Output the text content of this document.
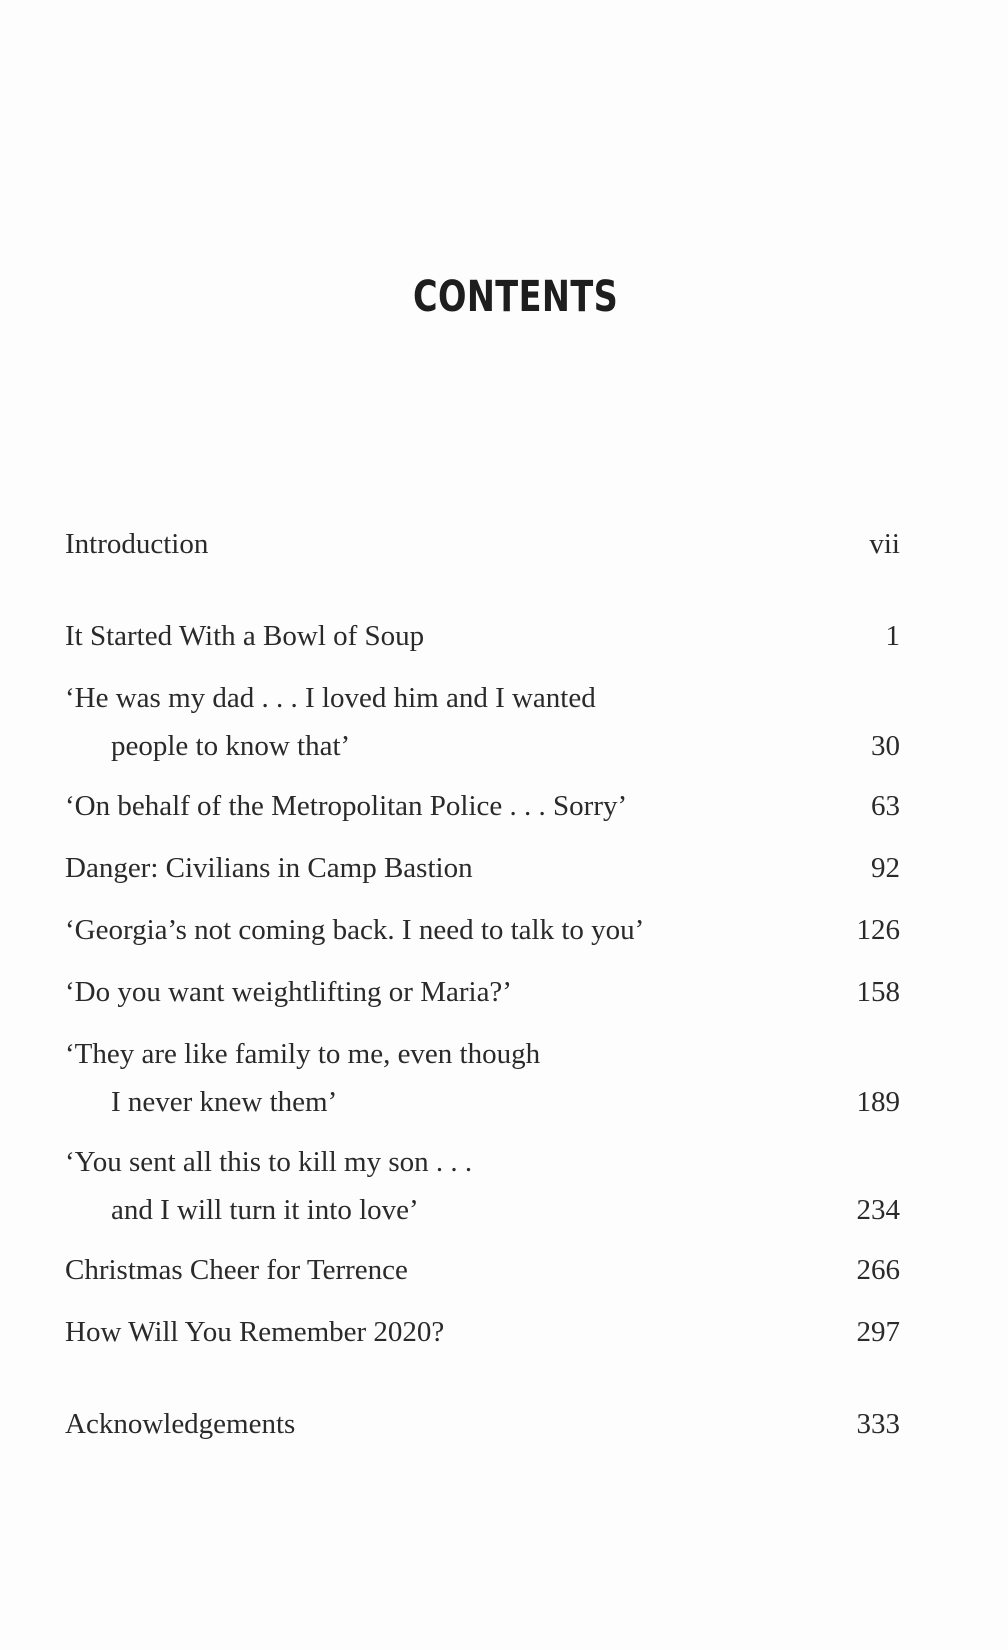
CONTENTS
Introduction	vii
It Started With a Bowl of Soup	1
‘He was my dad . . . I loved him and I wanted
people to know that’	30
‘On behalf of the Metropolitan Police . . . Sorry’	63
Danger: Civilians in Camp Bastion	92
‘Georgia’s not coming back. I need to talk to you’	126
‘Do you want weightlifting or Maria?’	158
‘They are like family to me, even though
I never knew them’	189
‘You sent all this to kill my son . . .
and I will turn it into love’	234
Christmas Cheer for Terrence	266
How Will You Remember 2020?	297
Acknowledgements	333
